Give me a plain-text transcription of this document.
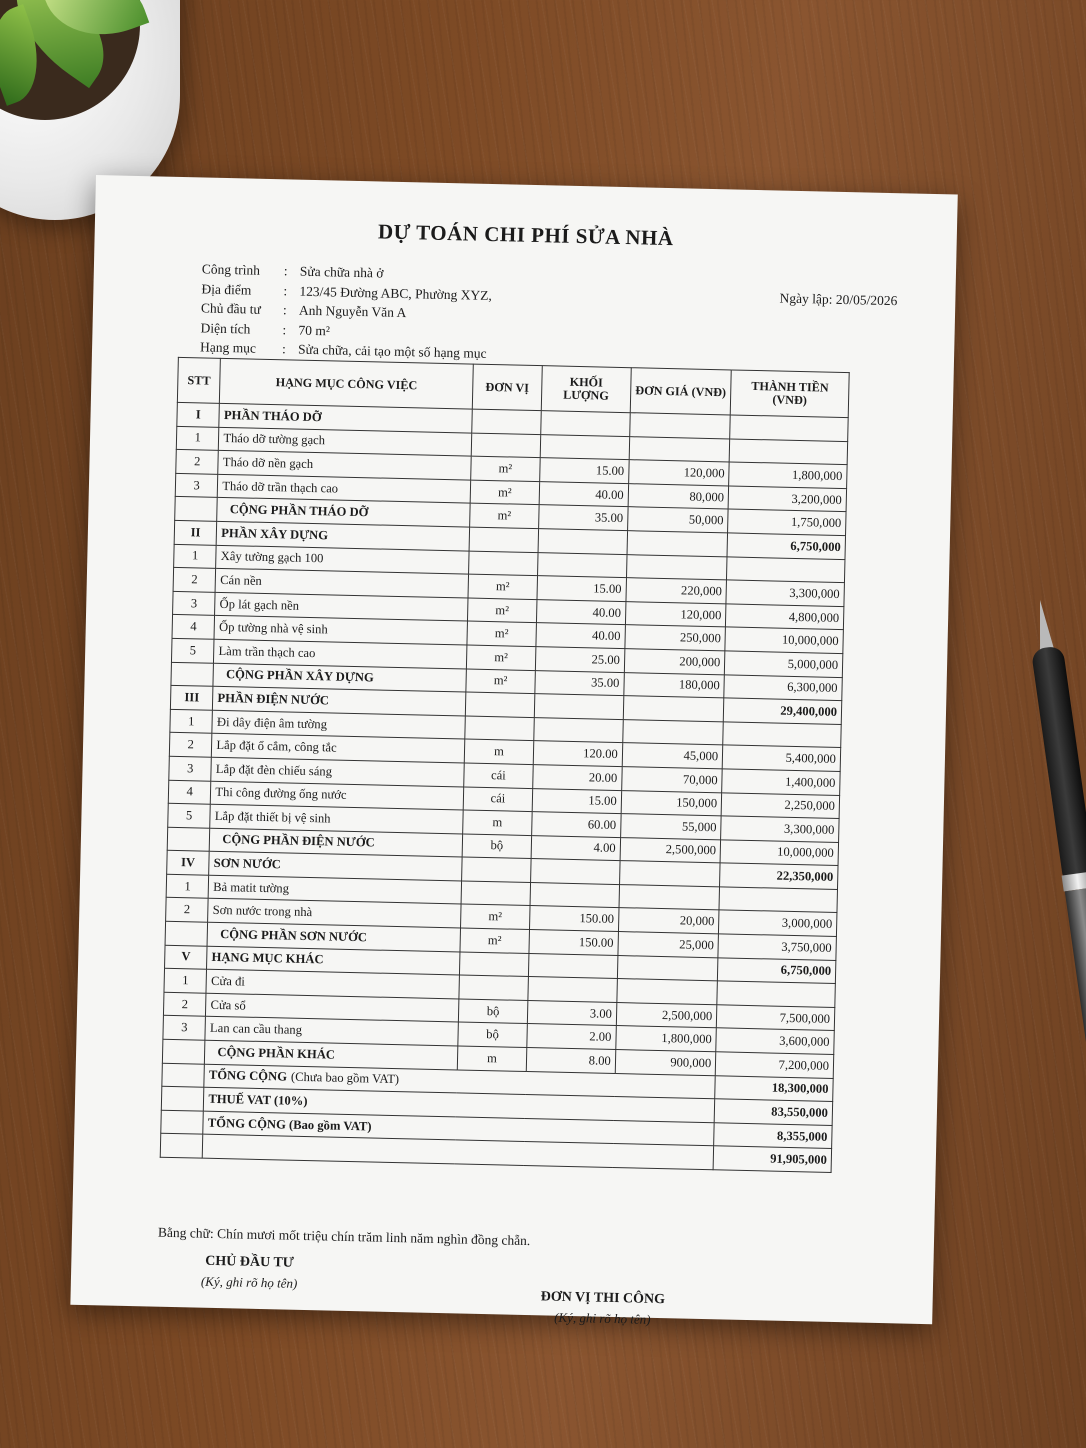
DỰ TOÁN CHI PHÍ SỬA NHÀ
Công trình	: Sửa chữa nhà ở
Địa điểm	: 123/45 Đường ABC, Phường XYZ,
Chủ đầu tư	: Anh Nguyễn Văn A
Diện tích	: 70 m²
Hạng mục	: Sửa chữa, cải tạo một số hạng mục
Ngày lập: 20/05/2026
STT	HẠNG MỤC CÔNG VIỆC	ĐƠN VỊ	KHỐI LƯỢNG	ĐƠN GIÁ (VNĐ)	THÀNH TIỀN (VNĐ)
I	PHẦN THÁO DỠ				
1	Tháo dỡ tường gạch				
2	Tháo dỡ nền gạch	m²	15.00	120,000	1,800,000
3	Tháo dỡ trần thạch cao	m²	40.00	80,000	3,200,000
	CỘNG PHẦN THÁO DỠ	m²	35.00	50,000	1,750,000
II	PHẦN XÂY DỰNG				6,750,000
1	Xây tường gạch 100				
2	Cán nền	m²	15.00	220,000	3,300,000
3	Ốp lát gạch nền	m²	40.00	120,000	4,800,000
4	Ốp tường nhà vệ sinh	m²	40.00	250,000	10,000,000
5	Làm trần thạch cao	m²	25.00	200,000	5,000,000
	CỘNG PHẦN XÂY DỰNG	m²	35.00	180,000	6,300,000
III	PHẦN ĐIỆN NƯỚC				29,400,000
1	Đi dây điện âm tường				
2	Lắp đặt ổ cắm, công tắc	m	120.00	45,000	5,400,000
3	Lắp đặt đèn chiếu sáng	cái	20.00	70,000	1,400,000
4	Thi công đường ống nước	cái	15.00	150,000	2,250,000
5	Lắp đặt thiết bị vệ sinh	m	60.00	55,000	3,300,000
	CỘNG PHẦN ĐIỆN NƯỚC	bộ	4.00	2,500,000	10,000,000
IV	SƠN NƯỚC				22,350,000
1	Bả matit tường				
2	Sơn nước trong nhà	m²	150.00	20,000	3,000,000
	CỘNG PHẦN SƠN NƯỚC	m²	150.00	25,000	3,750,000
V	HẠNG MỤC KHÁC				6,750,000
1	Cửa đi				
2	Cửa sổ	bộ	3.00	2,500,000	7,500,000
3	Lan can cầu thang	bộ	2.00	1,800,000	3,600,000
	CỘNG PHẦN KHÁC	m	8.00	900,000	7,200,000
	TỔNG CỘNG (Chưa bao gồm VAT)				18,300,000
	THUẾ VAT (10%)				83,550,000
	TỔNG CỘNG (Bao gồm VAT)				8,355,000
					91,905,000
Bằng chữ: Chín mươi mốt triệu chín trăm linh năm nghìn đồng chẵn.
CHỦ ĐẦU TƯ
(Ký, ghi rõ họ tên)
ĐƠN VỊ THI CÔNG
(Ký, ghi rõ họ tên)
